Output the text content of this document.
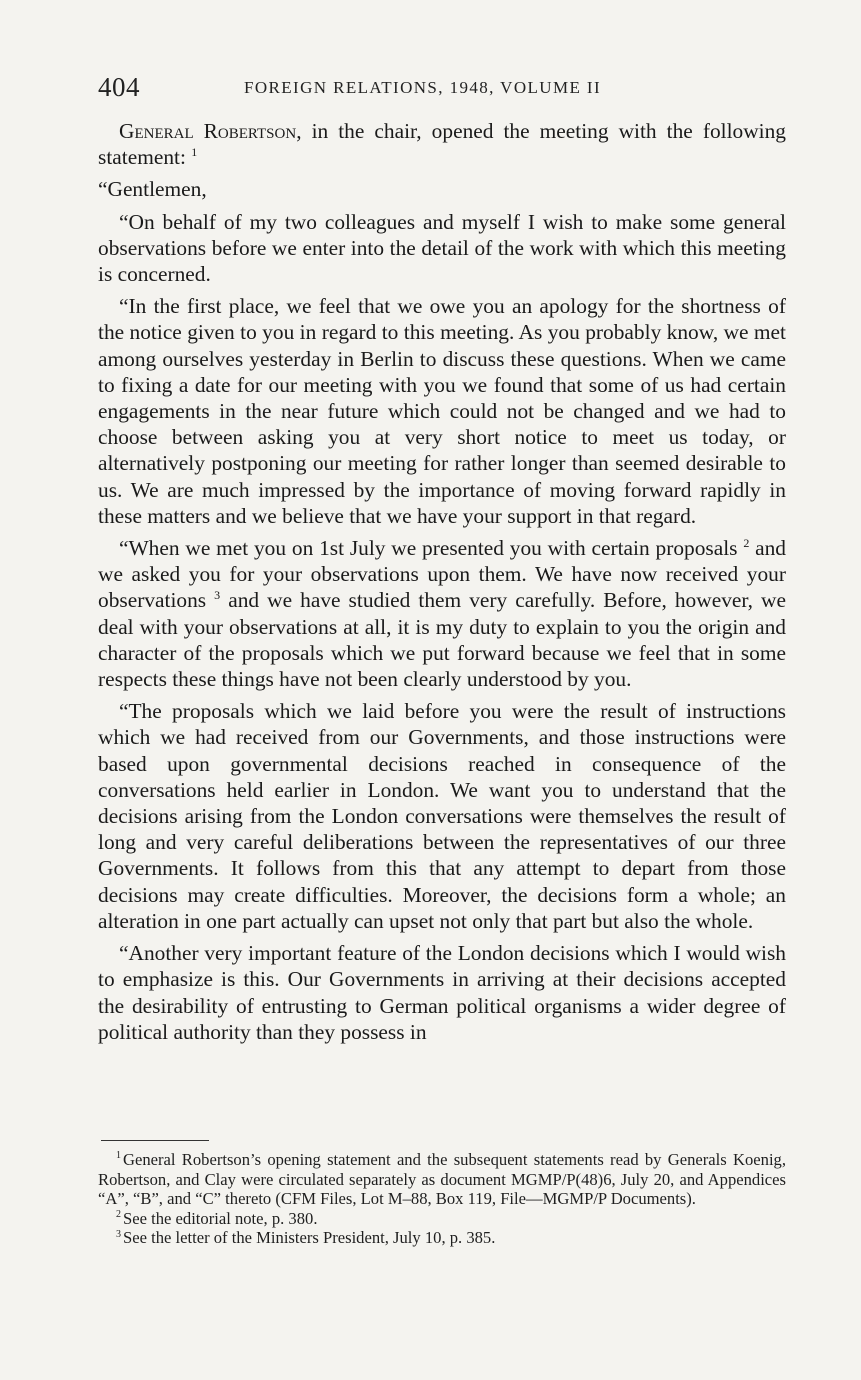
404	FOREIGN RELATIONS, 1948, VOLUME II

General Robertson, in the chair, opened the meeting with the following statement: $^1$

“Gentlemen,

“On behalf of my two colleagues and myself I wish to make some general observations before we enter into the detail of the work with which this meeting is concerned.

“In the first place, we feel that we owe you an apology for the shortness of the notice given to you in regard to this meeting. As you probably know, we met among ourselves yesterday in Berlin to discuss these questions. When we came to fixing a date for our meeting with you we found that some of us had certain engagements in the near future which could not be changed and we had to choose between asking you at very short notice to meet us today, or alternatively postponing our meeting for rather longer than seemed desirable to us. We are much impressed by the importance of moving forward rapidly in these matters and we believe that we have your support in that regard.

“When we met you on 1st July we presented you with certain proposals $^2$ and we asked you for your observations upon them. We have now received your observations $^3$ and we have studied them very carefully. Before, however, we deal with your observations at all, it is my duty to explain to you the origin and character of the proposals which we put forward because we feel that in some respects these things have not been clearly understood by you.

“The proposals which we laid before you were the result of instructions which we had received from our Governments, and those instructions were based upon governmental decisions reached in consequence of the conversations held earlier in London. We want you to understand that the decisions arising from the London conversations were themselves the result of long and very careful deliberations between the representatives of our three Governments. It follows from this that any attempt to depart from those decisions may create difficulties. Moreover, the decisions form a whole; an alteration in one part actually can upset not only that part but also the whole.

“Another very important feature of the London decisions which I would wish to emphasize is this. Our Governments in arriving at their decisions accepted the desirability of entrusting to German political organisms a wider degree of political authority than they possess in

$^1$ General Robertson’s opening statement and the subsequent statements read by Generals Koenig, Robertson, and Clay were circulated separately as document MGMP/P(48)6, July 20, and Appendices “A”, “B”, and “C” thereto (CFM Files, Lot M–88, Box 119, File—MGMP/P Documents).

$^2$ See the editorial note, p. 380.

$^3$ See the letter of the Ministers President, July 10, p. 385.
